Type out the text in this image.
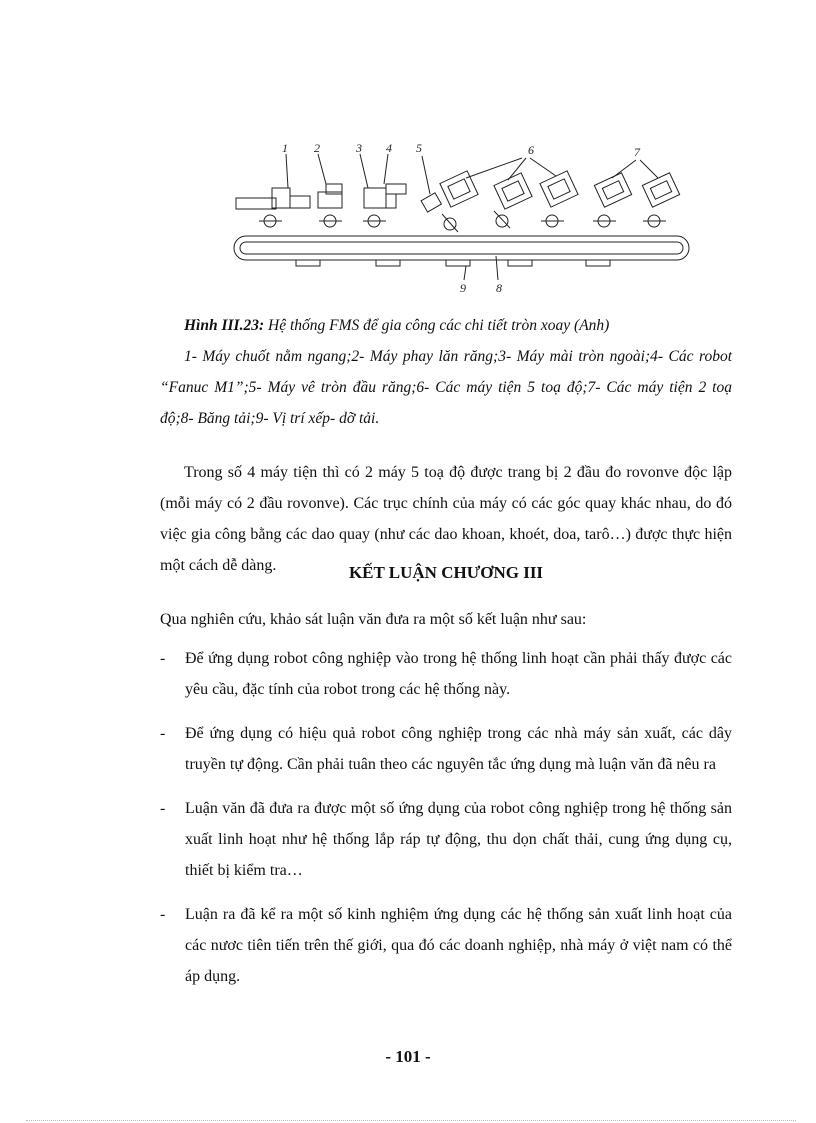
1 2	3 4 5	6	7
9	8
Hình III.23: Hệ thống FMS để gia công các chi tiết tròn xoay (Anh)
1- Máy chuốt nằm ngang;2- Máy phay lăn răng;3- Máy mài tròn ngoài;4- Các robot “Fanuc M1”;5- Máy vê tròn đầu răng;6- Các máy tiện 5 toạ độ;7- Các máy tiện 2 toạ độ;8- Băng tải;9- Vị trí xếp- dỡ tải.
Trong số 4 máy tiện thì có 2 máy 5 toạ độ được trang bị 2 đầu đo rovonve độc lập (mỗi máy có 2 đầu rovonve). Các trục chính của máy có các góc quay khác nhau, do đó việc gia công bằng các dao quay (như các dao khoan, khoét, doa, tarô…) được thực hiện một cách dễ dàng.	KẾT LUẬN CHƯƠNG III
Qua nghiên cứu, khảo sát luận văn đưa ra một số kết luận như sau:
- Để ứng dụng robot công nghiệp vào trong hệ thống linh hoạt cần phải thấy được các yêu cầu, đặc tính của robot trong các hệ thống này.
- Để ứng dụng có hiệu quả robot công nghiệp trong các nhà máy sản xuất, các dây truyền tự động. Cần phải tuân theo các nguyên tắc ứng dụng mà luận văn đã nêu ra
- Luận văn đã đưa ra được một số ứng dụng của robot công nghiệp trong hệ thống sản xuất linh hoạt như hệ thống lắp ráp tự động, thu dọn chất thải, cung ứng dụng cụ, thiết bị kiểm tra…
- Luận ra đã kể ra một số kinh nghiệm ứng dụng các hệ thống sản xuất linh hoạt của các nươc tiên tiến trên thế giới, qua đó các doanh nghiệp, nhà máy ở việt nam có thể áp dụng.
- 101 -
